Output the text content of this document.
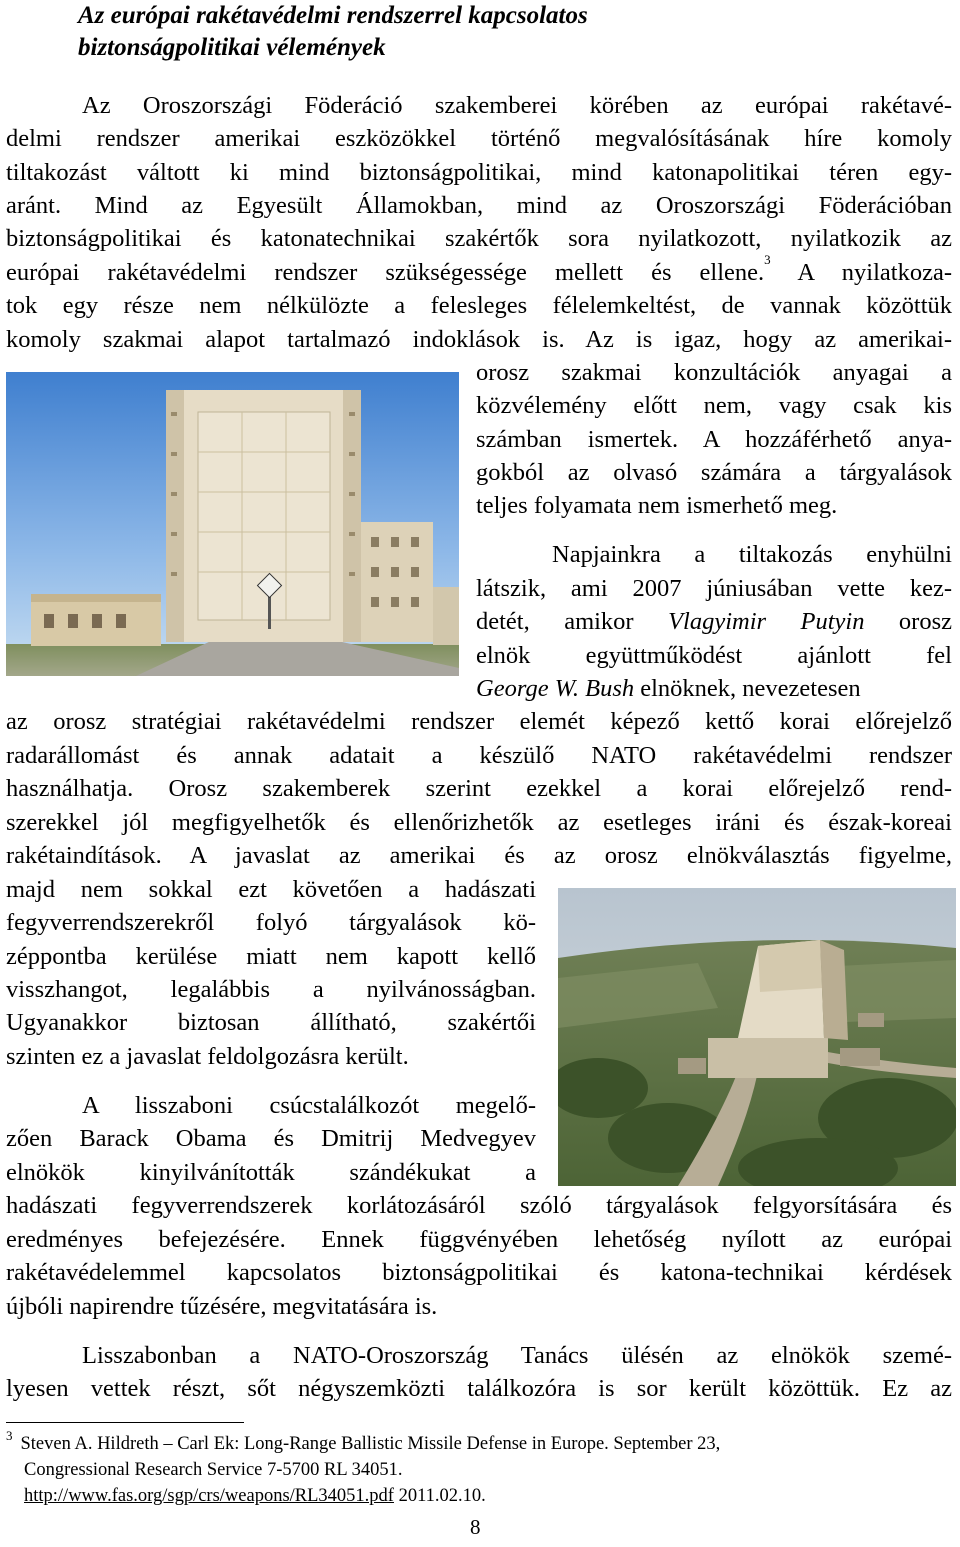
Az európai rakétavédelmi rendszerrel kapcsolatos

biztonságpolitikai vélemények

Az Oroszországi Föderáció szakemberei körében az európai rakétavé-

delmi rendszer amerikai eszközökkel történő megvalósításának híre komoly

tiltakozást váltott ki mind biztonságpolitikai, mind katonapolitikai téren egy-

aránt. Mind az Egyesült Államokban, mind az Oroszországi Föderációban

biztonságpolitikai és katonatechnikai szakértők sora nyilatkozott, nyilatkozik az

európai rakétavédelmi rendszer szükségessége mellett és ellene.$^3$ A nyilatkoza-

tok egy része nem nélkülözte a felesleges félelemkeltést, de vannak közöttük

komoly szakmai alapot tartalmazó indoklások is. Az is igaz, hogy az amerikai-

orosz szakmai konzultációk anyagai a

közvélemény előtt nem, vagy csak kis

számban ismertek. A hozzáférhető anya-

gokból az olvasó számára a tárgyalások

teljes folyamata nem ismerhető meg.

Napjainkra a tiltakozás enyhülni

látszik, ami 2007 júniusában vette kez-

detét, amikor Vlagyimir Putyin orosz

elnök együttműködést ajánlott fel

George W. Bush elnöknek, nevezetesen

az orosz stratégiai rakétavédelmi rendszer elemét képező kettő korai előrejelző

radarállomást és annak adatait a készülő NATO rakétavédelmi rendszer

használhatja. Orosz szakemberek szerint ezekkel a korai előrejelző rend-

szerekkel jól megfigyelhetők és ellenőrizhetők az esetleges iráni és észak-koreai

rakétaindítások. A javaslat az amerikai és az orosz elnökválasztás figyelme,

majd nem sokkal ezt követően a hadászati

fegyverrendszerekről folyó tárgyalások kö-

zéppontba kerülése miatt nem kapott kellő

visszhangot, legalábbis a nyilvánosságban.

Ugyanakkor biztosan állítható, szakértői

szinten ez a javaslat feldolgozásra került.

A lisszaboni csúcstalálkozót megelő-

zően Barack Obama és Dmitrij Medvegyev

elnökök kinyilvánították szándékukat a

hadászati fegyverrendszerek korlátozásáról szóló tárgyalások felgyorsítására és

eredményes befejezésére. Ennek függvényében lehetőség nyílott az európai

rakétavédelemmel kapcsolatos biztonságpolitikai és katona-technikai kérdések

újbóli napirendre tűzésére, megvitatására is.

Lisszabonban a NATO-Oroszország Tanács ülésén az elnökök szemé-

lyesen vettek részt, sőt négyszemközti találkozóra is sor került közöttük. Ez az

$^3$ Steven A. Hildreth – Carl Ek: Long-Range Ballistic Missile Defense in Europe. September 23,

Congressional Research Service 7-5700 RL 34051.

http://www.fas.org/sgp/crs/weapons/RL34051.pdf 2011.02.10.

8
